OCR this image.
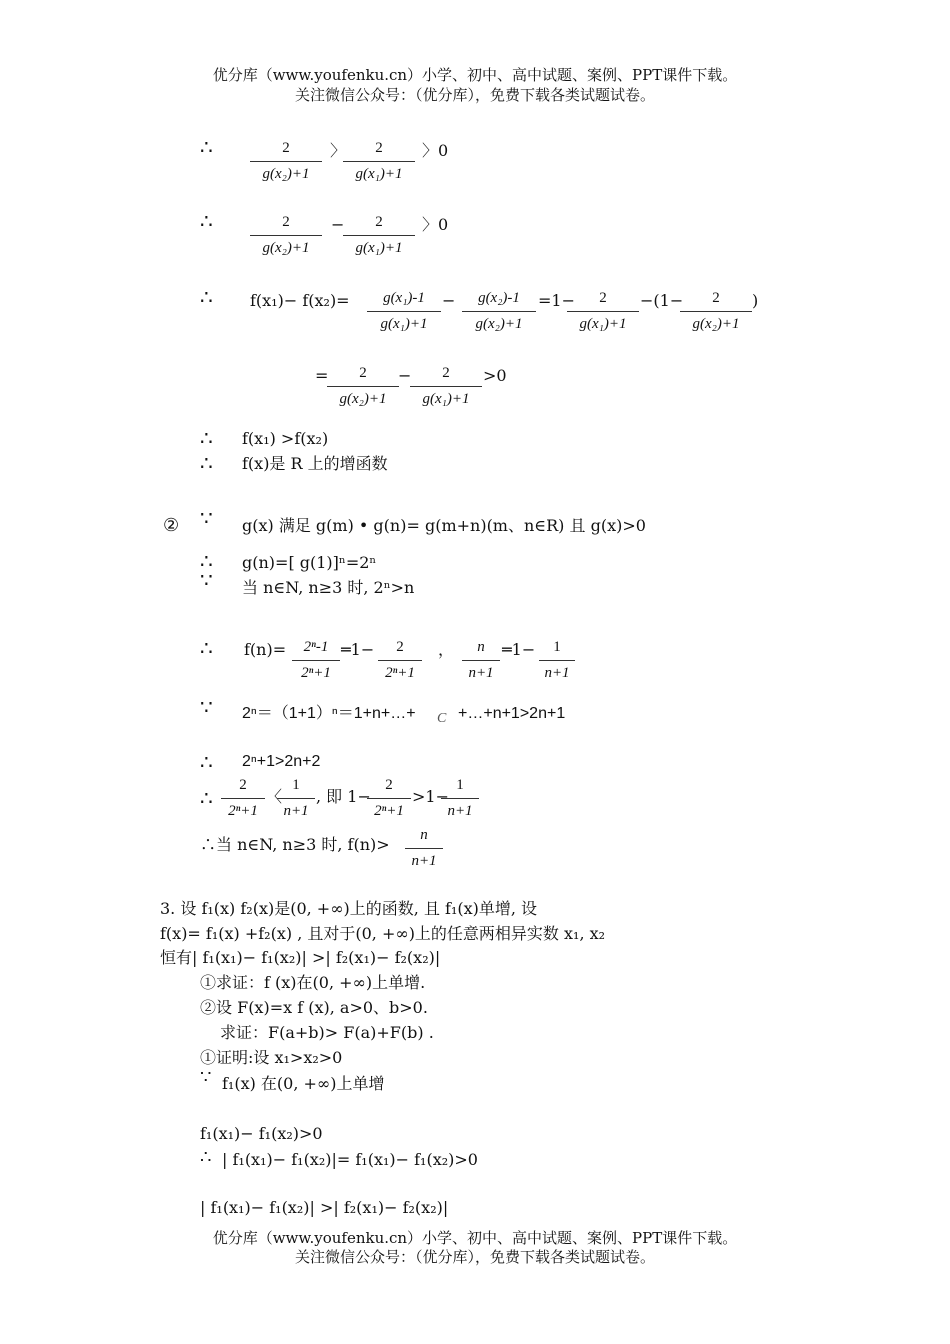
优分库（www.youfenku.cn）小学、初中、高中试题、案例、PPT课件下载。
关注微信公众号：（优分库），免费下载各类试题试卷。
∴	2
g(x₂)+1
〉	2
g(x₁)+1
〉0
∴	2
g(x₂)+1
−	2
g(x₁)+1
〉0
∴ f(x₁)− f(x₂)=	g(x₁)-1
g(x₁)+1
−	g(x₂)-1
g(x₂)+1
=1−	2
g(x₁)+1
−(1−	2
g(x₂)+1
)
=	2
g(x₂)+1
−	2
g(x₁)+1
>0
∴ f(x₁) >f(x₂)
∴ f(x)是 R 上的增函数
② ∵ g(x) 满足 g(m) • g(n)= g(m+n)(m、n∈R) 且 g(x)>0
∴ g(n)=[ g(1)]ⁿ=2ⁿ
∵ 当 n∈N, n≥3 时, 2ⁿ>n
∴ f(n)=	2ⁿ-1
2ⁿ+1
═1−	2
2ⁿ+1
，	n
n+1
═1−	1
n+1
∵ 2ⁿ＝（1+1）ⁿ＝1+n+…+ C +…+n+1>2n+1
∴ 2ⁿ+1>2n+2
∴
2
2ⁿ+1
〈
1
n+1
, 即 1−
2
2ⁿ+1
>1−
1
n+1
∴当 n∈N, n≥3 时, f(n)>	n
n+1
3. 设 f₁(x) f₂(x)是(0, +∞)上的函数, 且 f₁(x)单增, 设
f(x)= f₁(x) +f₂(x) , 且对于(0, +∞)上的任意两相异实数 x₁, x₂
恒有| f₁(x₁)− f₁(x₂)| >| f₂(x₁)− f₂(x₂)|
①求证：f (x)在(0, +∞)上单增.
②设 F(x)=x f (x), a>0、b>0.
求证：F(a+b)> F(a)+F(b) .
①证明:设 x₁>x₂>0
∵ f₁(x) 在(0, +∞)上单增
f₁(x₁)− f₁(x₂)>0
∴ | f₁(x₁)− f₁(x₂)|= f₁(x₁)− f₁(x₂)>0
| f₁(x₁)− f₁(x₂)| >| f₂(x₁)− f₂(x₂)|
优分库（www.youfenku.cn）小学、初中、高中试题、案例、PPT课件下载。
关注微信公众号：（优分库），免费下载各类试题试卷。
